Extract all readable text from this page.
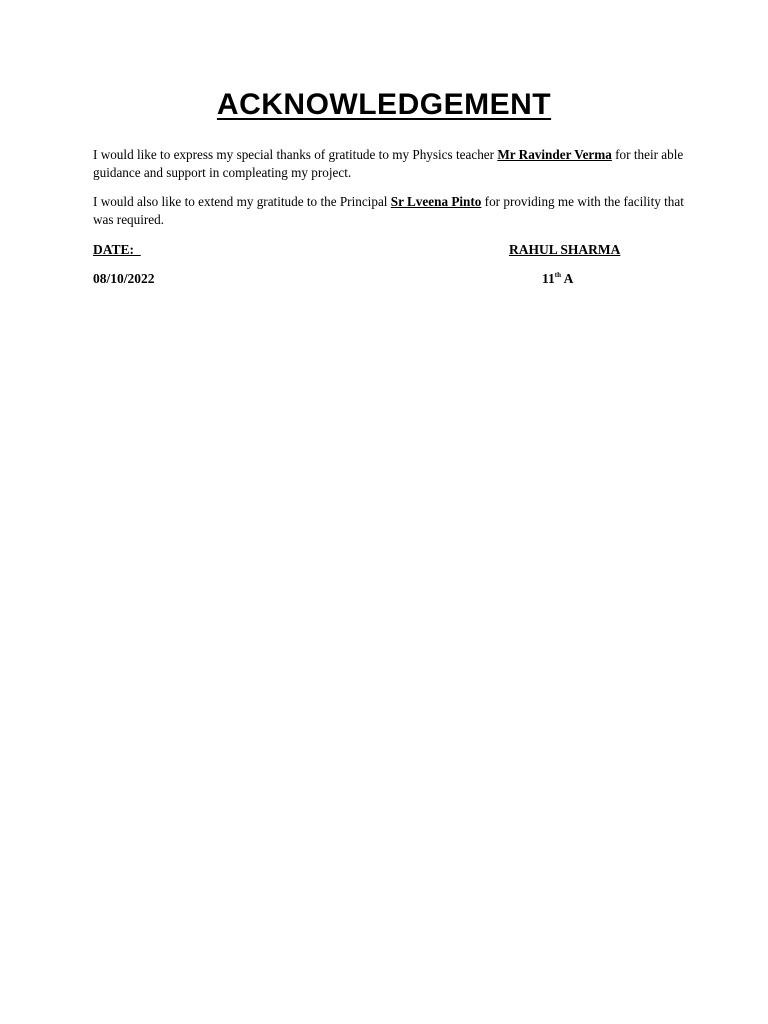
ACKNOWLEDGEMENT

I would like to express my special thanks of gratitude to my Physics teacher Mr Ravinder Verma for their able guidance and support in compleating my project.

I would also like to extend my gratitude to the Principal Sr Lveena Pinto for providing me with the facility that was required.

DATE:	RAHUL SHARMA
08/10/2022	11th A
